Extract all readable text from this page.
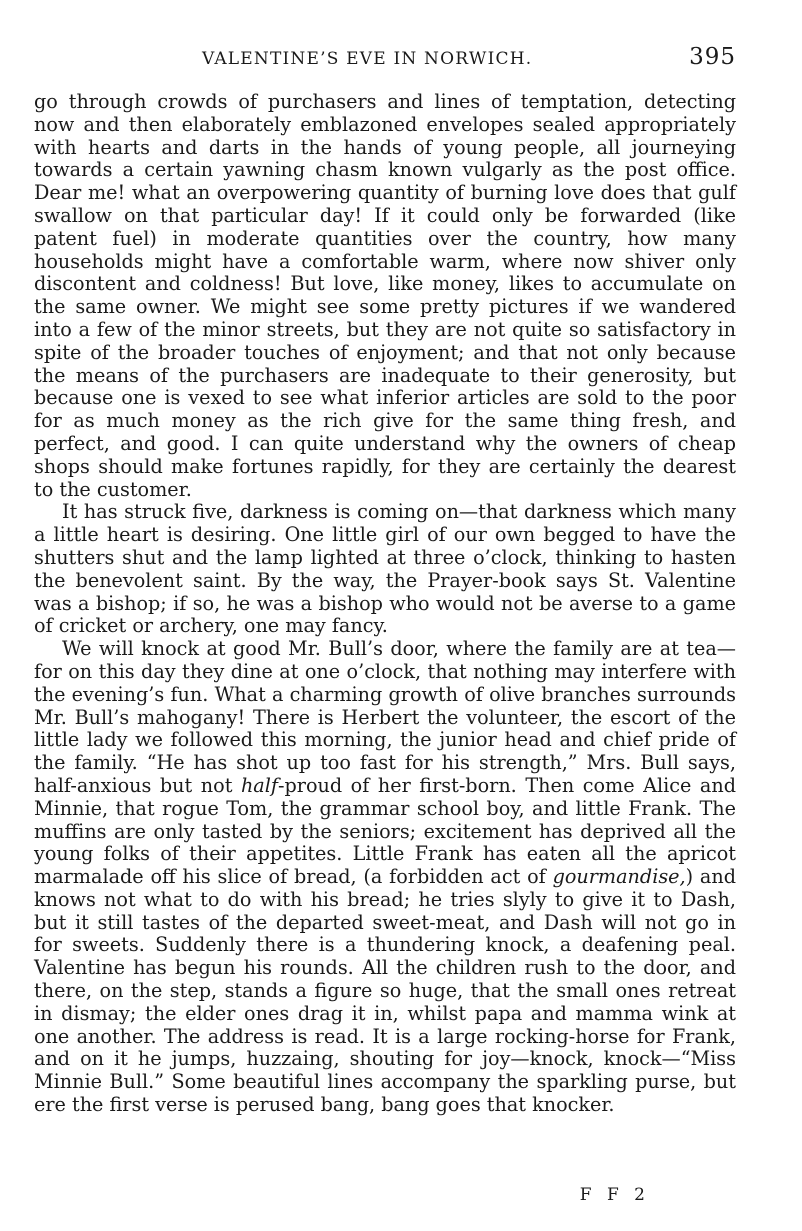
VALENTINE’S EVE IN NORWICH.	395

go through crowds of purchasers and lines of temptation, detecting now and then elaborately emblazoned envelopes sealed appropriately with hearts and darts in the hands of young people, all journeying towards a certain yawning chasm known vulgarly as the post office. Dear me! what an overpowering quantity of burning love does that gulf swallow on that particular day! If it could only be forwarded (like patent fuel) in moderate quantities over the country, how many households might have a comfortable warm, where now shiver only discontent and coldness! But love, like money, likes to accumulate on the same owner. We might see some pretty pictures if we wandered into a few of the minor streets, but they are not quite so satisfactory in spite of the broader touches of enjoyment; and that not only because the means of the purchasers are inadequate to their generosity, but because one is vexed to see what inferior articles are sold to the poor for as much money as the rich give for the same thing fresh, and perfect, and good. I can quite understand why the owners of cheap shops should make fortunes rapidly, for they are certainly the dearest to the customer.

It has struck five, darkness is coming on—that darkness which many a little heart is desiring. One little girl of our own begged to have the shutters shut and the lamp lighted at three o’clock, thinking to hasten the benevolent saint. By the way, the Prayer-book says St. Valentine was a bishop; if so, he was a bishop who would not be averse to a game of cricket or archery, one may fancy.

We will knock at good Mr. Bull’s door, where the family are at tea—for on this day they dine at one o’clock, that nothing may interfere with the evening’s fun. What a charming growth of olive branches surrounds Mr. Bull’s mahogany! There is Herbert the volunteer, the escort of the little lady we followed this morning, the junior head and chief pride of the family. “He has shot up too fast for his strength,” Mrs. Bull says, half-anxious but not half-proud of her first-born. Then come Alice and Minnie, that rogue Tom, the grammar school boy, and little Frank. The muffins are only tasted by the seniors; excitement has deprived all the young folks of their appetites. Little Frank has eaten all the apricot marmalade off his slice of bread, (a forbidden act of gourmandise,) and knows not what to do with his bread; he tries slyly to give it to Dash, but it still tastes of the departed sweet-meat, and Dash will not go in for sweets. Suddenly there is a thundering knock, a deafening peal. Valentine has begun his rounds. All the children rush to the door, and there, on the step, stands a figure so huge, that the small ones retreat in dismay; the elder ones drag it in, whilst papa and mamma wink at one another. The address is read. It is a large rocking-horse for Frank, and on it he jumps, huzzaing, shouting for joy—knock, knock—“Miss Minnie Bull.” Some beautiful lines accompany the sparkling purse, but ere the first verse is perused bang, bang goes that knocker.

F F 2
